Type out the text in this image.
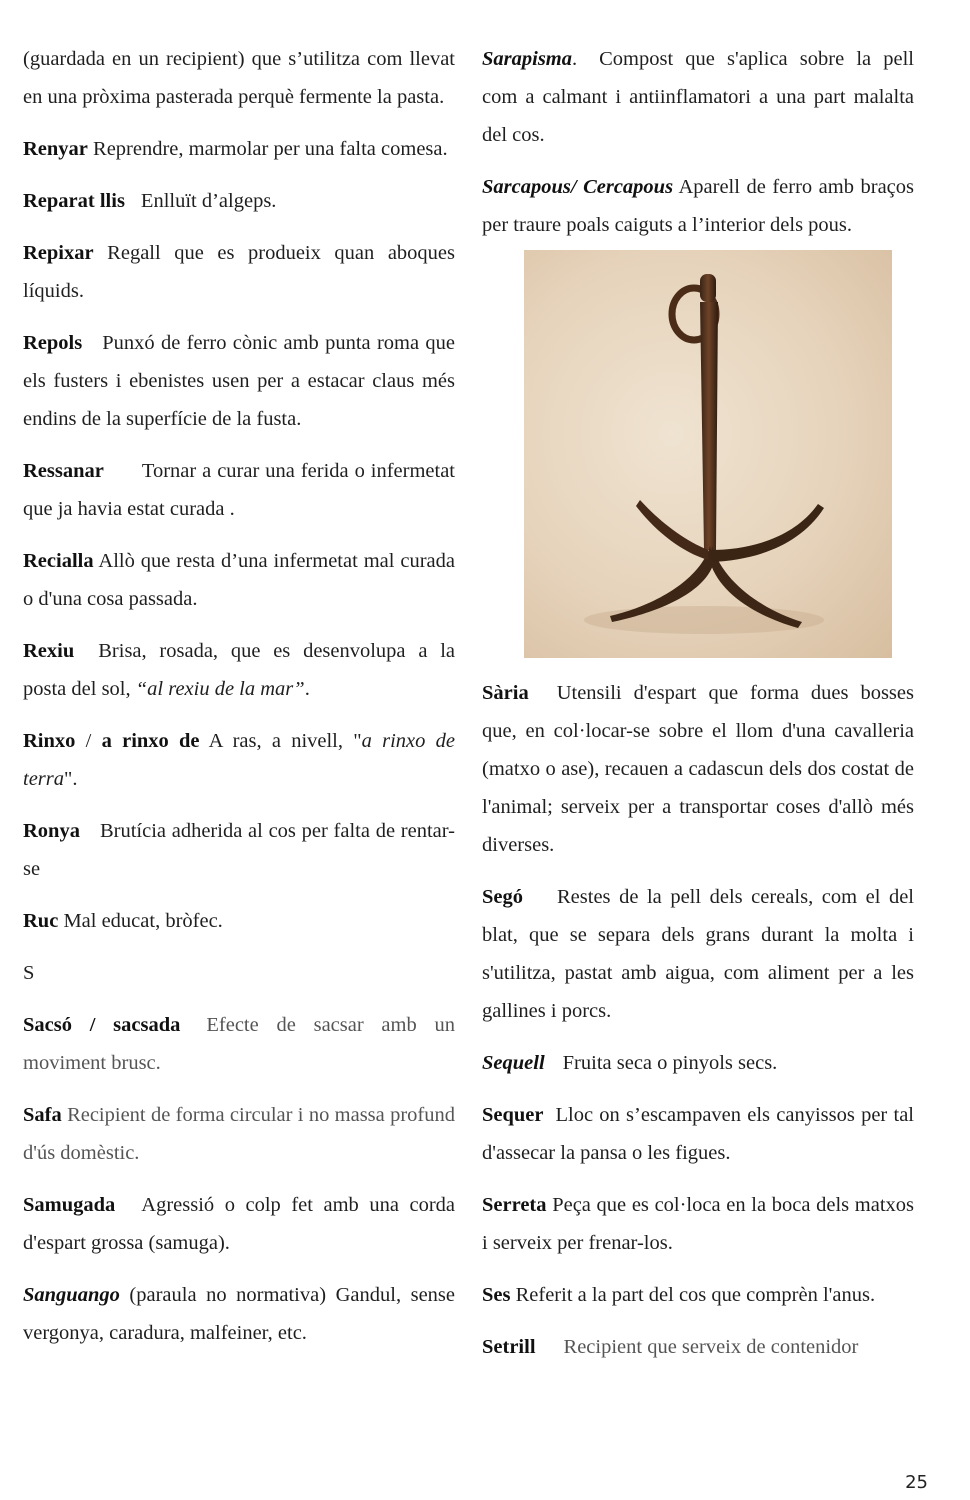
(guardada en un recipient) que s’utilitza com llevat en una pròxima pasterada perquè fermente la pasta.

Renyar Reprendre, marmolar per una falta comesa.

Reparat llis Enlluït d’algeps.

Repixar Regall que es produeix quan aboques líquids.

Repols Punxó de ferro cònic amb punta roma que els fusters i ebenistes usen per a estacar claus més endins de la superfície de la fusta.

Ressanar Tornar a curar una ferida o infermetat que ja havia estat curada .

Recialla Allò que resta d’una infermetat mal curada o d'una cosa passada.

Rexiu Brisa, rosada, que es desenvolupa a la posta del sol, “al rexiu de la mar”.

Rinxo / a rinxo de A ras, a nivell, "a rinxo de terra".

Ronya Brutícia adherida al cos per falta de rentar-se

Ruc Mal educat, bròfec.

S

Sacsó / sacsada Efecte de sacsar amb un moviment brusc.

Safa Recipient de forma circular i no massa profund d'ús domèstic.

Samugada Agressió o colp fet amb una corda d'espart grossa (samuga).

Sanguango (paraula no normativa) Gandul, sense vergonya, caradura, malfeiner, etc.

Sarapisma. Compost que s'aplica sobre la pell com a calmant i antiinflamatori a una part malalta del cos.

Sarcapous/ Cercapous Aparell de ferro amb braços per traure poals caiguts a l’interior dels pous.

Sària Utensili d'espart que forma dues bosses que, en col·locar-se sobre el llom d'una cavalleria (matxo o ase), recauen a cadascun dels dos costat de l'animal; serveix per a transportar coses d'allò més diverses.

Segó Restes de la pell dels cereals, com el del blat, que se separa dels grans durant la molta i s'utilitza, pastat amb aigua, com aliment per a les gallines i porcs.

Sequell Fruita seca o pinyols secs.

Sequer Lloc on s’escampaven els canyissos per tal d'assecar la pansa o les figues.

Serreta Peça que es col·loca en la boca dels matxos i serveix per frenar-los.

Ses Referit a la part del cos que comprèn l'anus.

Setrill Recipient que serveix de contenidor

25
